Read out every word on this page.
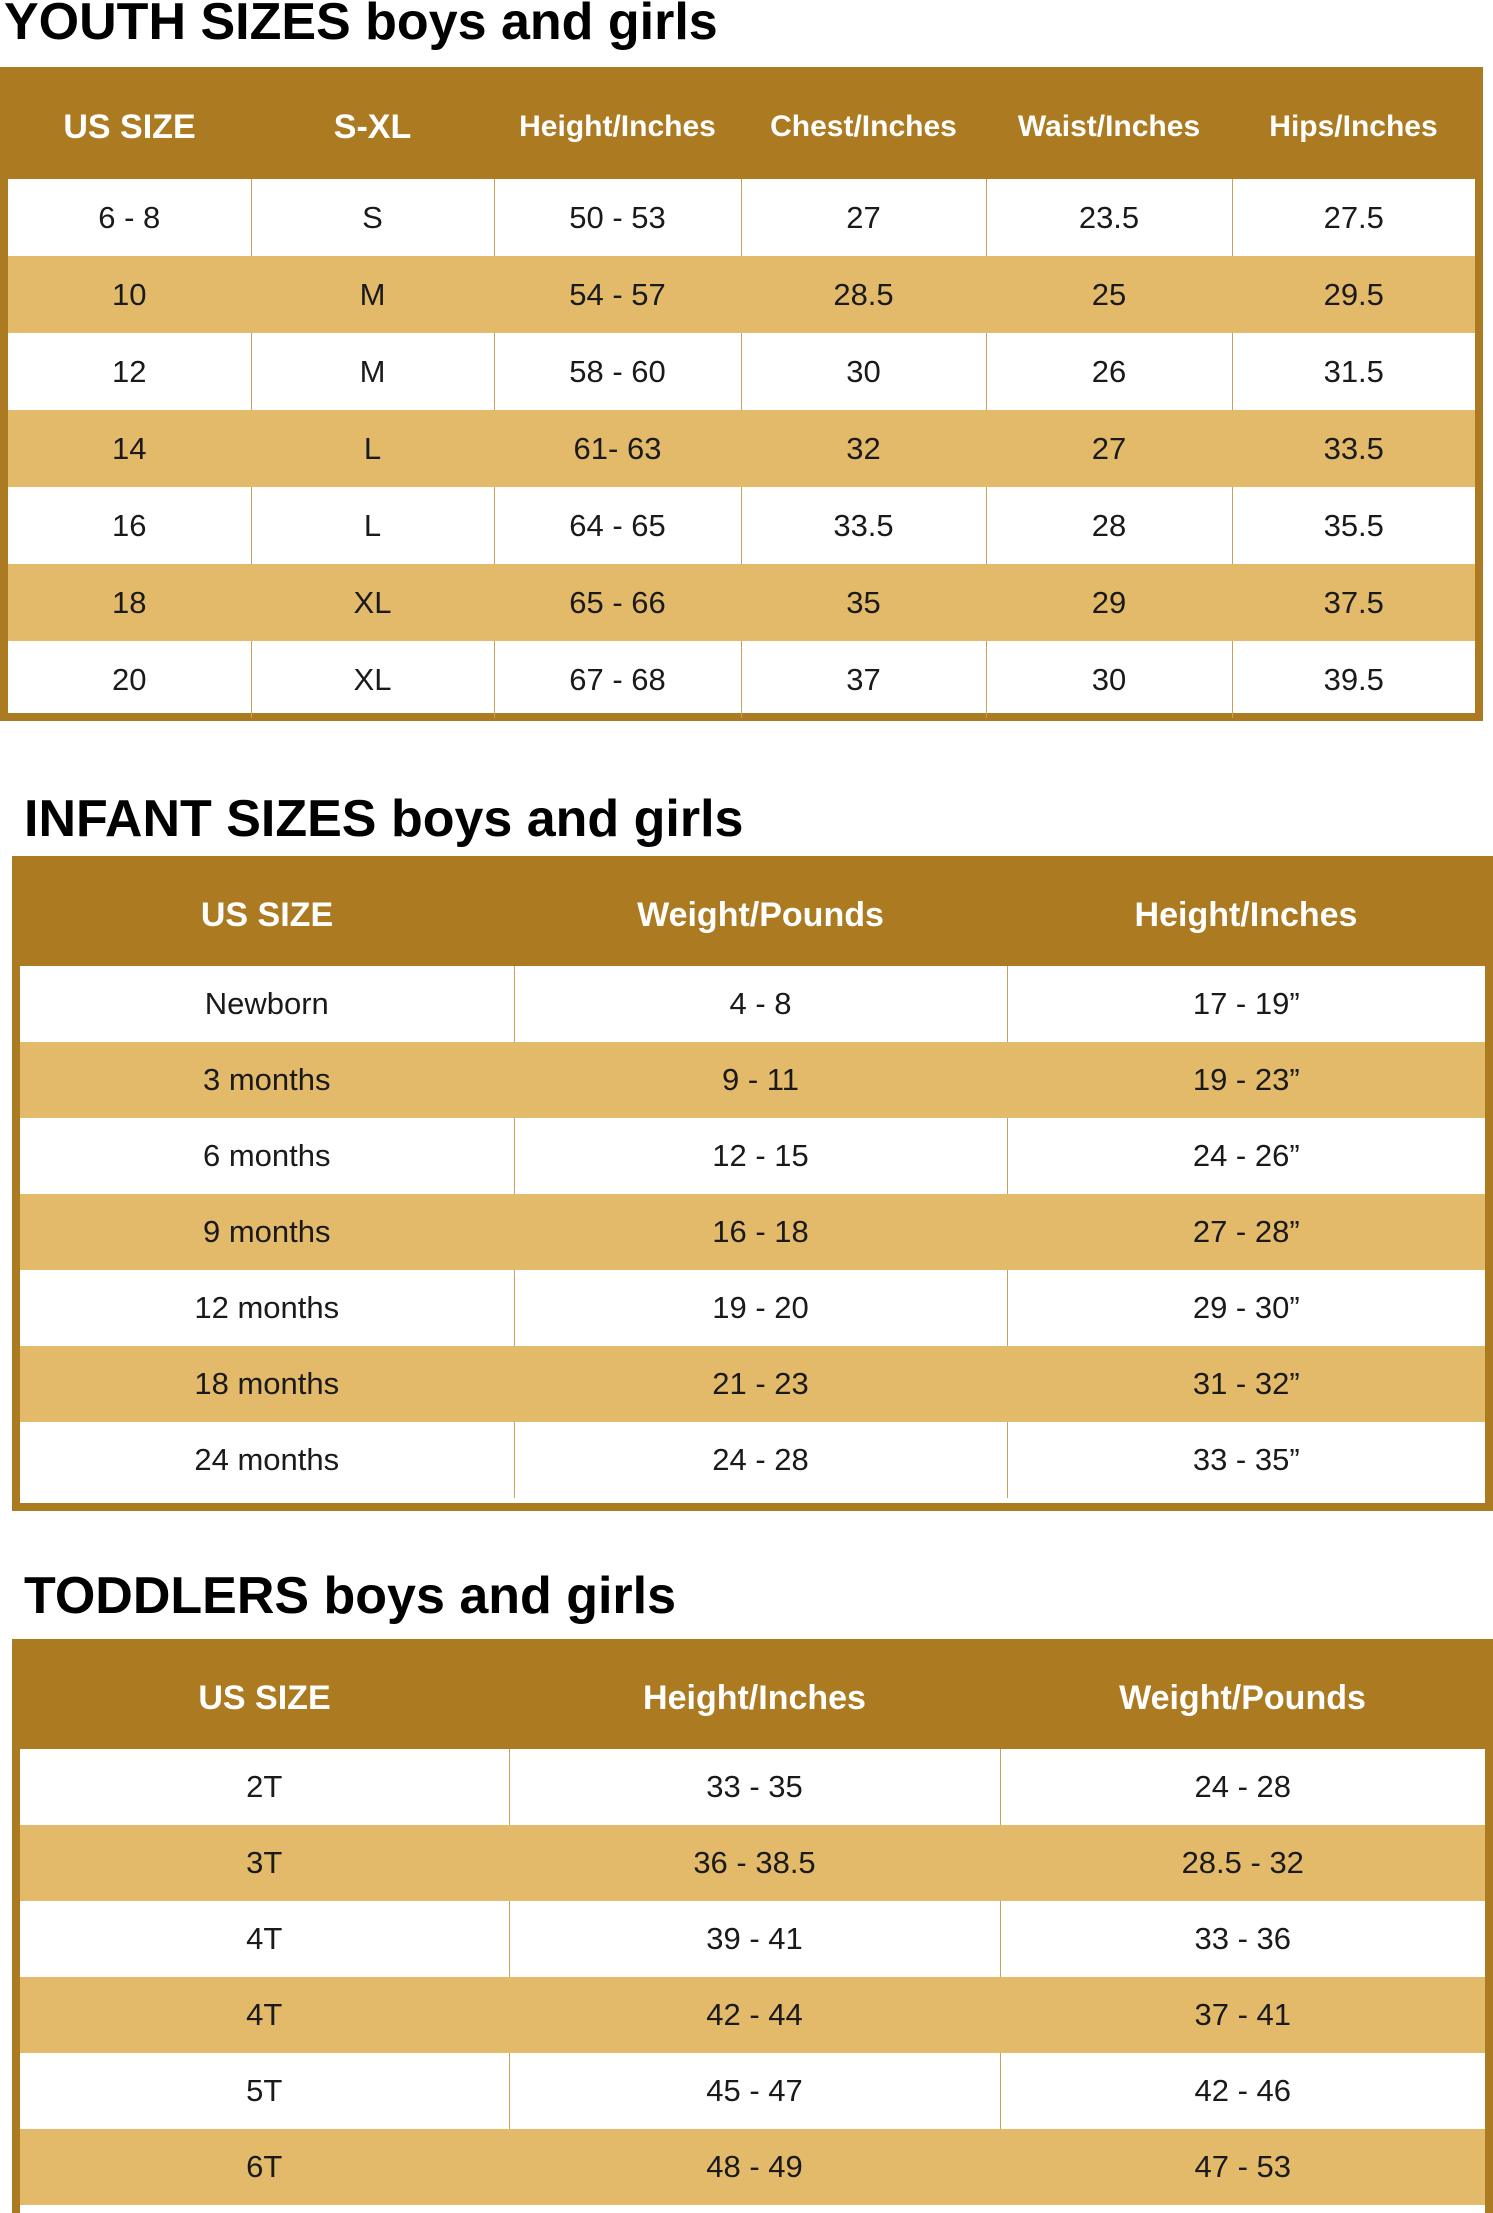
YOUTH SIZES boys and girls
US SIZE	S-XL	Height/Inches	Chest/Inches	Waist/Inches	Hips/Inches
6 - 8	S	50 - 53	27	23.5	27.5
10	M	54 - 57	28.5	25	29.5
12	M	58 - 60	30	26	31.5
14	L	61- 63	32	27	33.5
16	L	64 - 65	33.5	28	35.5
18	XL	65 - 66	35	29	37.5
20	XL	67 - 68	37	30	39.5
INFANT SIZES boys and girls
US SIZE	Weight/Pounds	Height/Inches
Newborn	4 - 8	17 - 19”
3 months	9 - 11	19 - 23”
6 months	12 - 15	24 - 26”
9 months	16 - 18	27 - 28”
12 months	19 - 20	29 - 30”
18 months	21 - 23	31 - 32”
24 months	24 - 28	33 - 35”
TODDLERS boys and girls
US SIZE	Height/Inches	Weight/Pounds
2T	33 - 35	24 - 28
3T	36 - 38.5	28.5 - 32
4T	39 - 41	33 - 36
4T	42 - 44	37 - 41
5T	45 - 47	42 - 46
6T	48 - 49	47 - 53
